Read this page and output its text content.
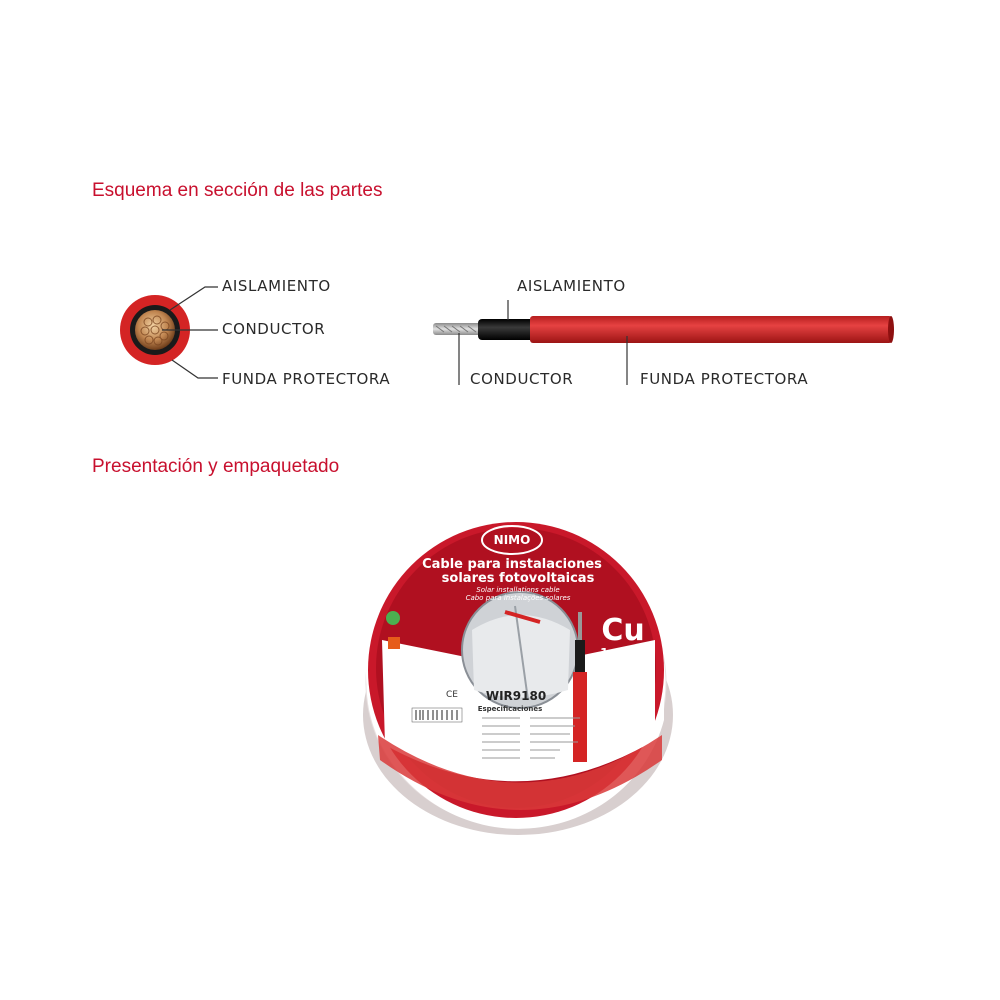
Esquema en sección de las partes
NIMO
Cable para instalaciones
solares fotovoltaicas
Solar installations cable
Cabo para instalações solares
Cu
1x2.50
LSZH
100m
WIR9180
Especificaciones
CE
AISLAMIENTO
CONDUCTOR
FUNDA PROTECTORA
AISLAMIENTO
CONDUCTOR	FUNDA PROTECTORA
Presentación y empaquetado
